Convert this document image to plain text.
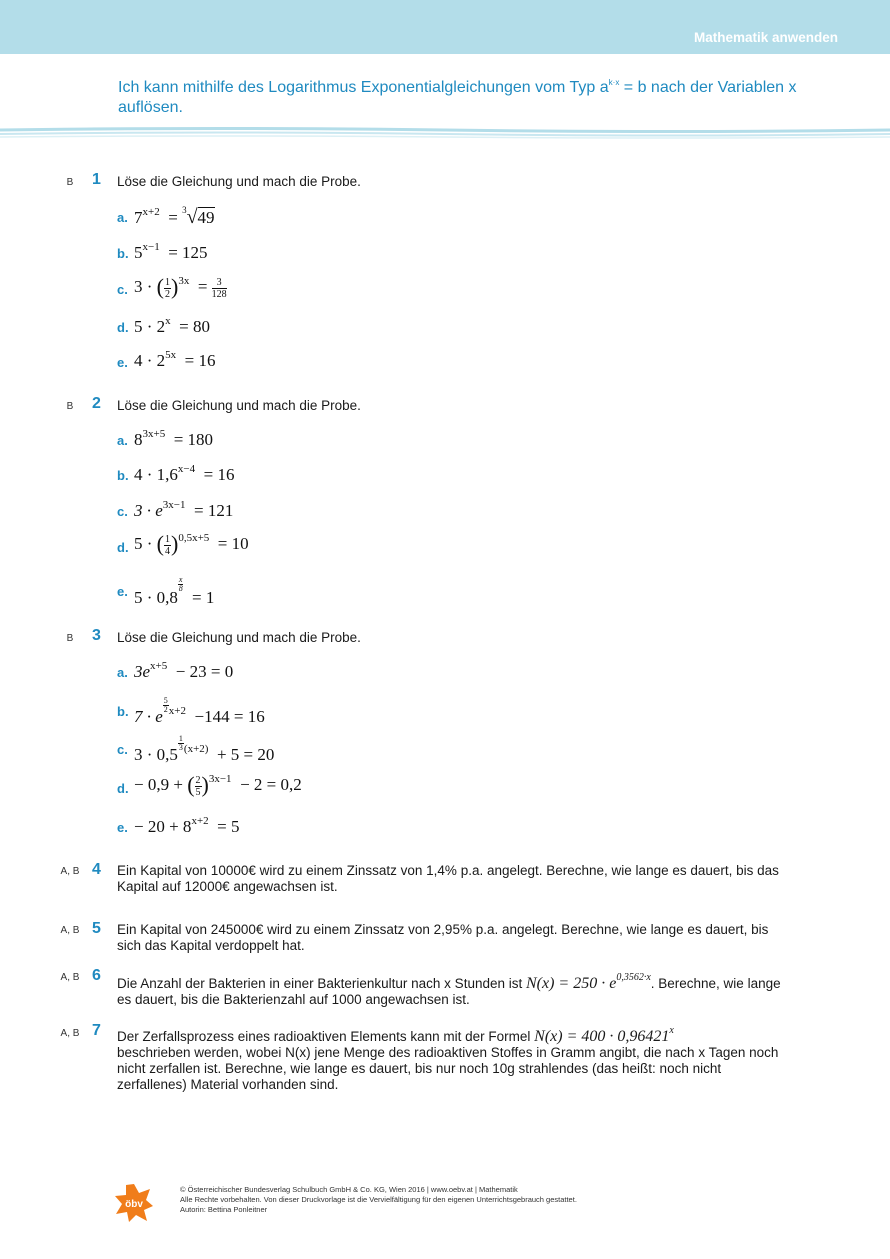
Mathematik anwenden
Ich kann mithilfe des Logarithmus Exponentialgleichungen vom Typ $a^{k\cdot x} = b$ nach der Variablen x auflösen.
B	1	Löse die Gleichung und mach die Probe.
a. $7^{x+2} = ^3√49$
b. $5^{x-1} = 125$
c. 3 · ( $\frac{1}{2} )^{3x} = \frac{3}{128}$
d. $5 \cdot 2^x = 80$
e. $4 \cdot 2^{5x} = 16$
B	2	Löse die Gleichung und mach die Probe.
a. $8^{3x+5} = 180$
b. $4 \cdot 1,6^{x-4} = 16$
c. $3 \cdot e^{3x-1} = 121$
d. 5 · ( $\frac{1}{4} )^{0,5x+5} = 10$
e. 5 · 0,8
$\frac{x}{8}$
= 1
B	3	Löse die Gleichung und mach die Probe.
a. $3e^{x+5} - 23 = 0$
b. 7 · e
$\frac{5}{2} ^{x+2} -144 = 16$
c. 3 · 0,5
$\frac{1}{3} ^{(x+2)} + 5 = 20$
d. − 0,9 + ( $\frac{2}{5} )^{3x-1} - 2 = 0,2$
e. − $20 + 8^{x+2} = 5$
A, B 4	Ein Kapital von 10000€ wird zu einem Zinssatz von 1,4% p.a. angelegt. Berechne, wie lange es dauert, bis das Kapital auf 12000€ angewachsen ist.
A, B 5	Ein Kapital von 245000€ wird zu einem Zinssatz von 2,95% p.a. angelegt. Berechne, wie lange es dauert, bis sich das Kapital verdoppelt hat.
A, B 6	Die Anzahl der Bakterien in einer Bakterienkultur nach x Stunden ist $N(x) = 250 \cdot e^{0,3562\cdot x}$. Berechne, wie lange es dauert, bis die Bakterienzahl auf 1000 angewachsen ist.
A, B 7	Der Zerfallsprozess eines radioaktiven Elements kann mit der Formel $N(x) = 400 \cdot 0,96421^x$
beschrieben werden, wobei N(x) jene Menge des radioaktiven Stoffes in Gramm angibt, die nach x Tagen noch nicht zerfallen ist. Berechne, wie lange es dauert, bis nur noch 10g strahlendes (das heißt: noch nicht zerfallenes) Material vorhanden sind.
öbv
© Österreichischer Bundesverlag Schulbuch GmbH & Co. KG, Wien 2016 | www.oebv.at | Mathematik
Alle Rechte vorbehalten. Von dieser Druckvorlage ist die Vervielfältigung für den eigenen Unterrichtsgebrauch gestattet.
Autorin: Bettina Ponleitner
